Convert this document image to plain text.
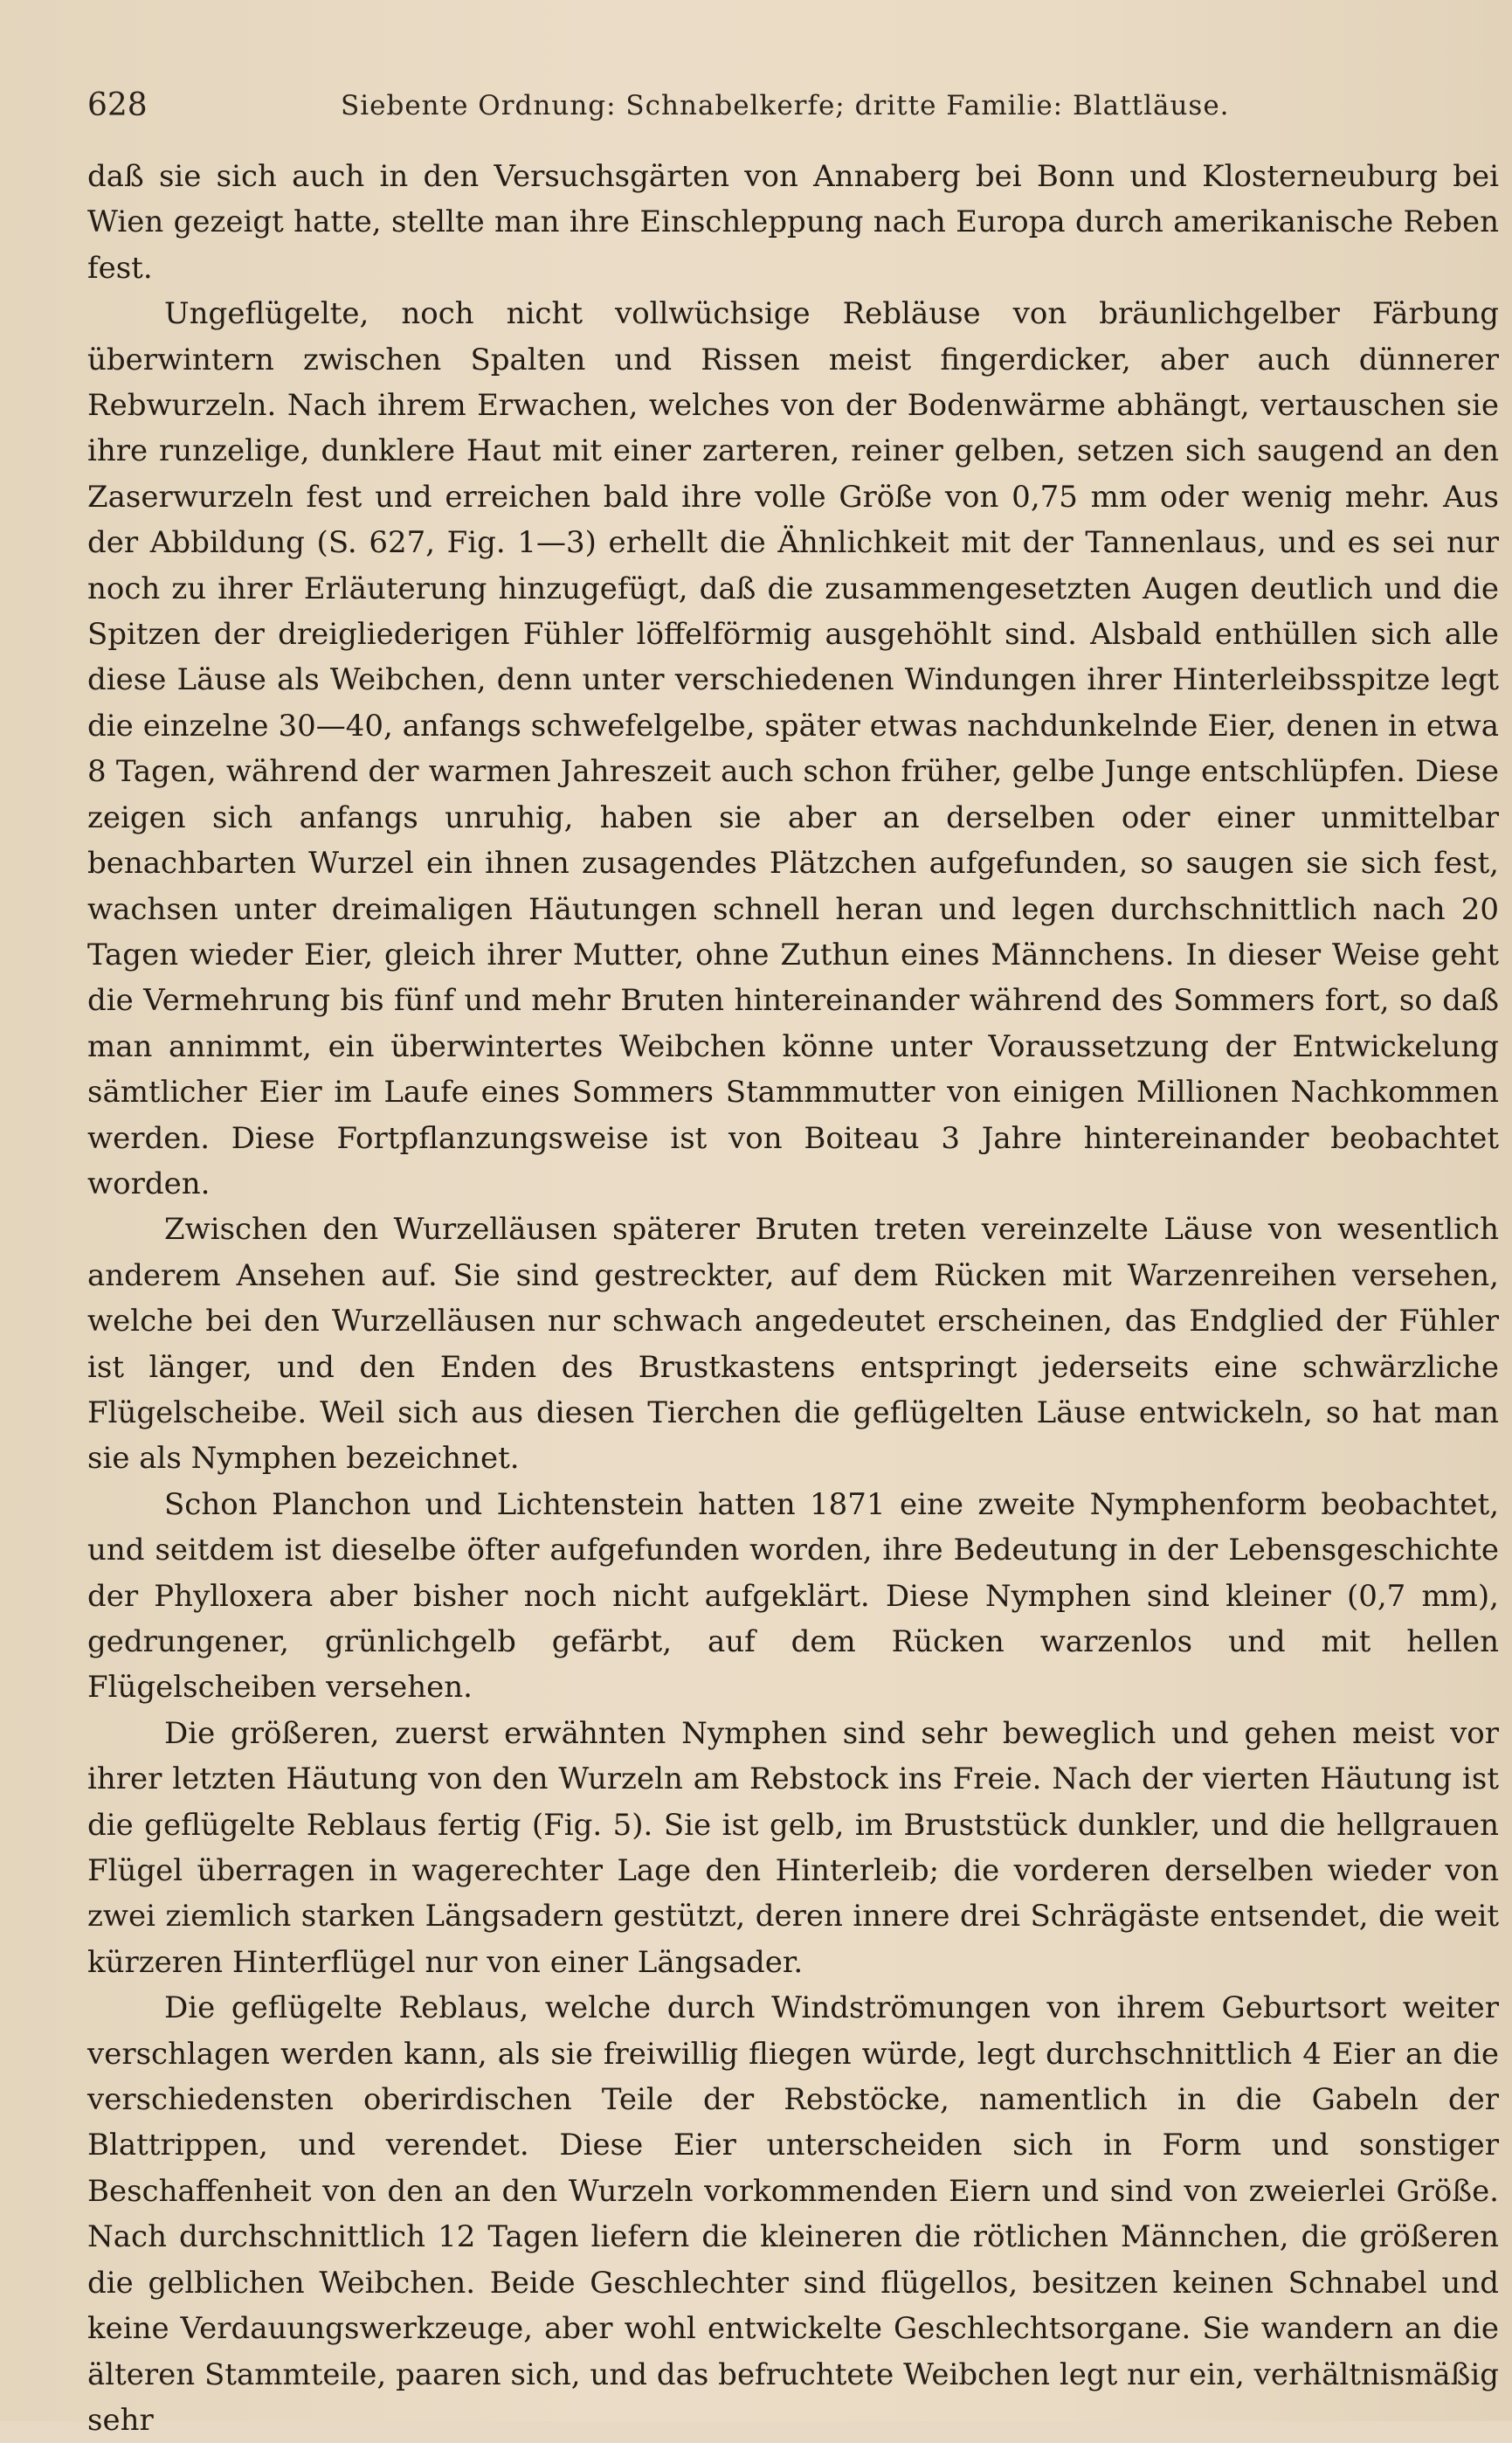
628	Siebente Ordnung: Schnabelkerfe; dritte Familie: Blattläuse.

daß sie sich auch in den Versuchsgärten von Annaberg bei Bonn und Klosterneuburg bei Wien gezeigt hatte, stellte man ihre Einschleppung nach Europa durch amerikanische Reben fest.

Ungeflügelte, noch nicht vollwüchsige Rebläuse von bräunlichgelber Färbung überwintern zwischen Spalten und Rissen meist fingerdicker, aber auch dünnerer Rebwurzeln. Nach ihrem Erwachen, welches von der Bodenwärme abhängt, vertauschen sie ihre runzelige, dunklere Haut mit einer zarteren, reiner gelben, setzen sich saugend an den Zaserwurzeln fest und erreichen bald ihre volle Größe von 0,75 mm oder wenig mehr. Aus der Abbildung (S. 627, Fig. 1—3) erhellt die Ähnlichkeit mit der Tannenlaus, und es sei nur noch zu ihrer Erläuterung hinzugefügt, daß die zusammengesetzten Augen deutlich und die Spitzen der dreigliederigen Fühler löffelförmig ausgehöhlt sind. Alsbald enthüllen sich alle diese Läuse als Weibchen, denn unter verschiedenen Windungen ihrer Hinterleibsspitze legt die einzelne 30—40, anfangs schwefelgelbe, später etwas nachdunkelnde Eier, denen in etwa 8 Tagen, während der warmen Jahreszeit auch schon früher, gelbe Junge entschlüpfen. Diese zeigen sich anfangs unruhig, haben sie aber an derselben oder einer unmittelbar benachbarten Wurzel ein ihnen zusagendes Plätzchen aufgefunden, so saugen sie sich fest, wachsen unter dreimaligen Häutungen schnell heran und legen durchschnittlich nach 20 Tagen wieder Eier, gleich ihrer Mutter, ohne Zuthun eines Männchens. In dieser Weise geht die Vermehrung bis fünf und mehr Bruten hintereinander während des Sommers fort, so daß man annimmt, ein überwintertes Weibchen könne unter Voraussetzung der Entwickelung sämtlicher Eier im Laufe eines Sommers Stammmutter von einigen Millionen Nachkommen werden. Diese Fortpflanzungsweise ist von Boiteau 3 Jahre hintereinander beobachtet worden.

Zwischen den Wurzelläusen späterer Bruten treten vereinzelte Läuse von wesentlich anderem Ansehen auf. Sie sind gestreckter, auf dem Rücken mit Warzenreihen versehen, welche bei den Wurzelläusen nur schwach angedeutet erscheinen, das Endglied der Fühler ist länger, und den Enden des Brustkastens entspringt jederseits eine schwärzliche Flügelscheibe. Weil sich aus diesen Tierchen die geflügelten Läuse entwickeln, so hat man sie als Nymphen bezeichnet.

Schon Planchon und Lichtenstein hatten 1871 eine zweite Nymphenform beobachtet, und seitdem ist dieselbe öfter aufgefunden worden, ihre Bedeutung in der Lebensgeschichte der Phylloxera aber bisher noch nicht aufgeklärt. Diese Nymphen sind kleiner (0,7 mm), gedrungener, grünlichgelb gefärbt, auf dem Rücken warzenlos und mit hellen Flügelscheiben versehen.

Die größeren, zuerst erwähnten Nymphen sind sehr beweglich und gehen meist vor ihrer letzten Häutung von den Wurzeln am Rebstock ins Freie. Nach der vierten Häutung ist die geflügelte Reblaus fertig (Fig. 5). Sie ist gelb, im Bruststück dunkler, und die hellgrauen Flügel überragen in wagerechter Lage den Hinterleib; die vorderen derselben wieder von zwei ziemlich starken Längsadern gestützt, deren innere drei Schrägäste entsendet, die weit kürzeren Hinterflügel nur von einer Längsader.

Die geflügelte Reblaus, welche durch Windströmungen von ihrem Geburtsort weiter verschlagen werden kann, als sie freiwillig fliegen würde, legt durchschnittlich 4 Eier an die verschiedensten oberirdischen Teile der Rebstöcke, namentlich in die Gabeln der Blattrippen, und verendet. Diese Eier unterscheiden sich in Form und sonstiger Beschaffenheit von den an den Wurzeln vorkommenden Eiern und sind von zweierlei Größe. Nach durchschnittlich 12 Tagen liefern die kleineren die rötlichen Männchen, die größeren die gelblichen Weibchen. Beide Geschlechter sind flügellos, besitzen keinen Schnabel und keine Verdauungswerkzeuge, aber wohl entwickelte Geschlechtsorgane. Sie wandern an die älteren Stammteile, paaren sich, und das befruchtete Weibchen legt nur ein, verhältnismäßig sehr
